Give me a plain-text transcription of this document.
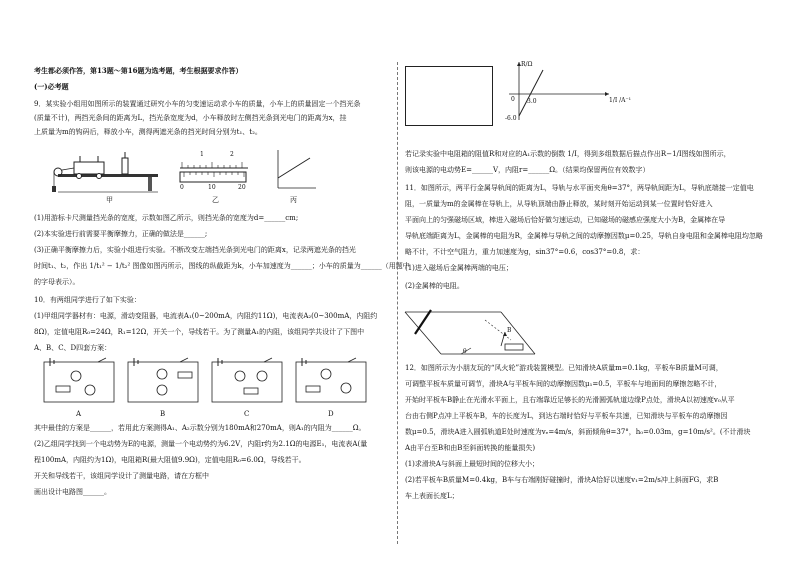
考生都必须作答，第13题～第16题为选考题，考生根据要求作答）
(一)必考题
9．某实验小组用如图所示的装置通过研究小车的匀变速运动求小车的质量，小车上的质量固定一个挡光条
(质量不计)，两挡光条间的距离为L，挡光条宽度为d，小车释放时左侧挡光条到光电门的距离为x，挂
上质量为m的钩码后，释放小车，测得两遮光条的挡光时间分别为t₁、t₂。
甲
1	2
0	10	20
乙	丙
(1)用游标卡尺测量挡光条的宽度，示数如图乙所示，则挡光条的宽度为d=______cm;
(2)本实验进行前需要平衡摩擦力，正确的做法是______;
(3)正确平衡摩擦力后，实验小组进行实验。不断改变左端挡光条到光电门的距离x，记录两遮光条的挡光
时间t₁、t₂，作出 1/t₁² − 1/t₂² 图像如图丙所示，图线的纵截距为k，小车加速度为______；小车的质量为______（用题中
的字母表示）。
10．有两组同学进行了如下实验：
(1)甲组同学器材有：电源，滑动变阻器，电流表A₁(0~200mA，内阻约11Ω)，电流表A₂(0~300mA，内阻约
8Ω)，定值电阻R₀=24Ω，R₁=12Ω，开关一个，导线若干。为了测量A₁的内阻，该组同学共设计了下图中
A、B、C、D四套方案：
A	B	C	D
其中最佳的方案是______，若用此方案测得A₁、A₂示数分别为180mA和270mA，则A₁的内阻为______Ω。
(2)乙组同学找到一个电动势为E的电源，测量一个电动势约为6.2V，内阻r约为2.1Ω的电源E₁，电流表A(量
程100mA，内阻约为1Ω)，电阻箱R(最大阻值9.9Ω)，定值电阻R₀=6.0Ω，导线若干。
开关和导线若干，该组同学设计了测量电路，请在方框中
画出设计电路图______。
R/Ω
1/I /A⁻¹
0 3.0
-6.0
若记录实验中电阻箱的阻值R和对应的A₁示数的倒数 1/I，得到多组数据后描点作出R−1/I图线如图所示，
则该电源的电动势E=______V，内阻r=______Ω。（结果均保留两位有效数字）
11．如图所示，两平行金属导轨间的距离为L，导轨与水平面夹角θ=37°，两导轨间距为L，导轨底端接一定值电
阻，一质量为m的金属棒在导轨上，从导轨顶端由静止释放，某时刻开始运动到某一位置时恰好进入
平面向上的匀强磁场区域，棒进入磁场后恰好做匀速运动，已知磁场的磁感应强度大小为B，金属棒在导
导轨底端距离为L，金属棒的电阻为R，金属棒与导轨之间的动摩擦因数μ=0.25，导轨自身电阻和金属棒电阻均忽略
略不计，不计空气阻力，重力加速度为g，sin37°=0.6，cos37°=0.8，求：
(1)进入磁场后金属棒两端的电压；
(2)金属棒的电阻。
B
θ
12．如图所示为小朋友玩的“风火轮”游戏装置模型。已知滑块A质量m=0.1kg，平板车B质量M可调，
可调整平板车质量可调节，滑块A与平板车间的动摩擦因数μ₁=0.5，平板车与地面间的摩擦忽略不计，
开始时平板车B静止在光滑水平面上，且右端靠近足够长的光滑圆弧轨道边缘P点处，滑块A以初速度v₀从平
台由右侧P点冲上平板车B，车的长度为L，到达右端时恰好与平板车共速，已知滑块与平板车的动摩擦因
数μ=0.5，滑块A进入圆弧轨道E处时速度为vₑ=4m/s，斜面倾角θ=37°，h₀=0.03m，g=10m/s²。(不计滑块
A由平台至B和由B至斜面转换的能量损失)
(1)求滑块A与斜面上最短时间的位移大小；
(2)若平板车B质量M=0.4kg，B车与右端刚好碰撞时，滑块A恰好以速度v₁=2m/s冲上斜面FG，求B
车上表面长度L；
